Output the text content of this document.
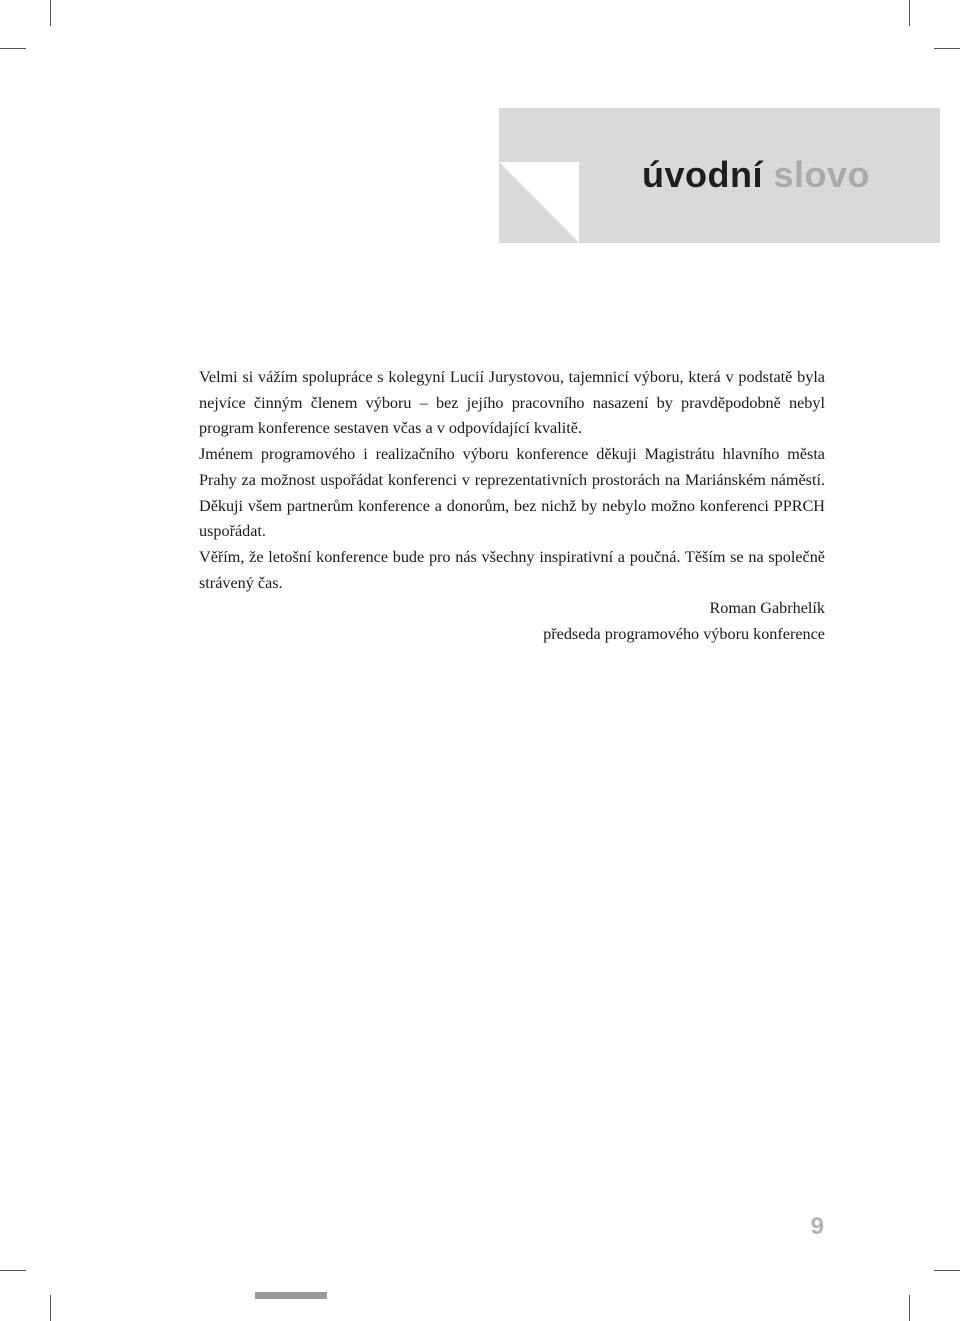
úvodní slovo

Velmi si vážím spolupráce s kolegyní Lucií Jurystovou, tajemnicí výboru, která v podstatě byla nejvíce činným členem výboru – bez jejího pracovního nasazení by pravděpodobně nebyl program konference sestaven včas a v odpovídající kvalitě.

Jménem programového i realizačního výboru konference děkuji Magistrátu hlavního města Prahy za možnost uspořádat konferenci v reprezentativních prostorách na Mariánském náměstí. Děkuji všem partnerům konference a donorům, bez nichž by nebylo možno konferenci PPRCH uspořádat.

Věřím, že letošní konference bude pro nás všechny inspirativní a poučná. Těším se na společně strávený čas.

Roman Gabrhelík

předseda programového výboru konference

9
